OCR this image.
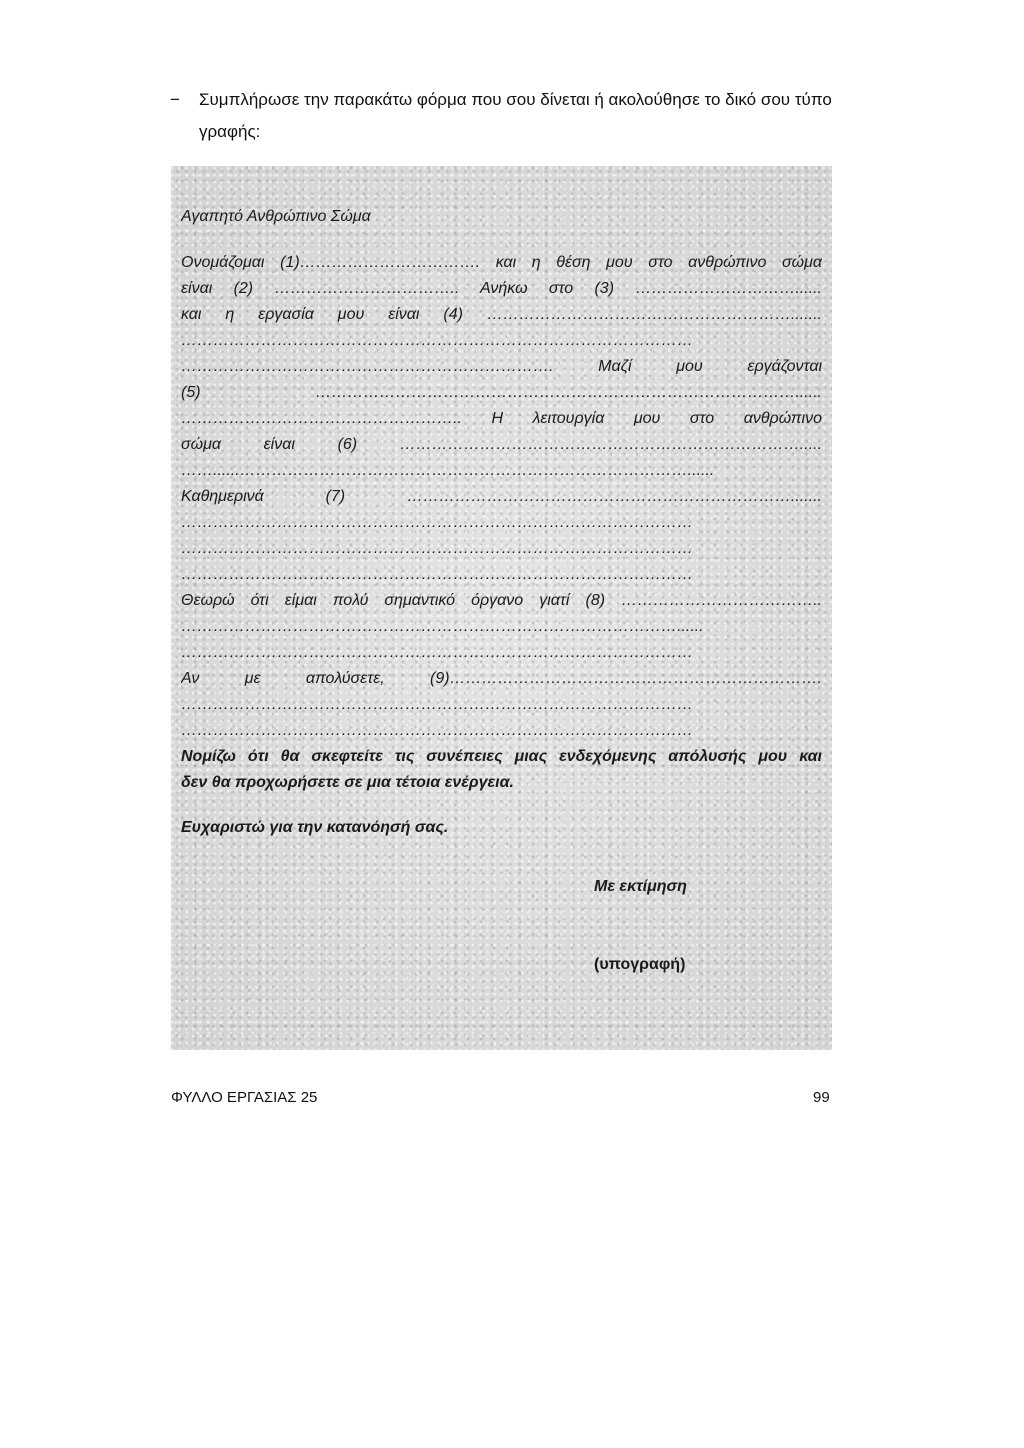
− Συμπλήρωσε την παρακάτω φόρμα που σου δίνεται ή ακολούθησε το δικό σου τύπο γραφής:
Αγαπητό Ανθρώπινο Σώμα
Ονομάζομαι (1)……………………………. και η θέση μου στο ανθρώπινο σώμα
είναι (2) …………………………….. Ανήκω στο (3) …………………………......
και η εργασία μου είναι (4) ………………………………………………….......
……………………………………………………………………………………
……………………………………………………………. Μαζί μου εργάζονται
(5) ………………………………………………………………………………......
…………………………………………….. Η λειτουργία μου στο ανθρώπινο
σώμα είναι (6) ………………………………………………………………….....
……......…………………………………………………………………………......
Καθημερινά (7) ……………………………………………………………….......
……………………………………………………………………………………
……………………………………………………………………………………
……………………………………………………………………………………
Θεωρώ ότι είμαι πολύ σημαντικό όργανο γιατί (8) ………………………………..
…………………………………………………………………………………......
……………………………………………………………………………………
Αν με απολύσετε, (9)…………………………………………………………….
……………………………………………………………………………………
……………………………………………………………………………………
Νομίζω ότι θα σκεφτείτε τις συνέπειες μιας ενδεχόμενης απόλυσής μου και
δεν θα προχωρήσετε σε μια τέτοια ενέργεια.
Ευχαριστώ για την κατανόησή σας.
Με εκτίμηση
(υπογραφή)
ΦΥΛΛΟ ΕΡΓΑΣΙΑΣ 25	99
